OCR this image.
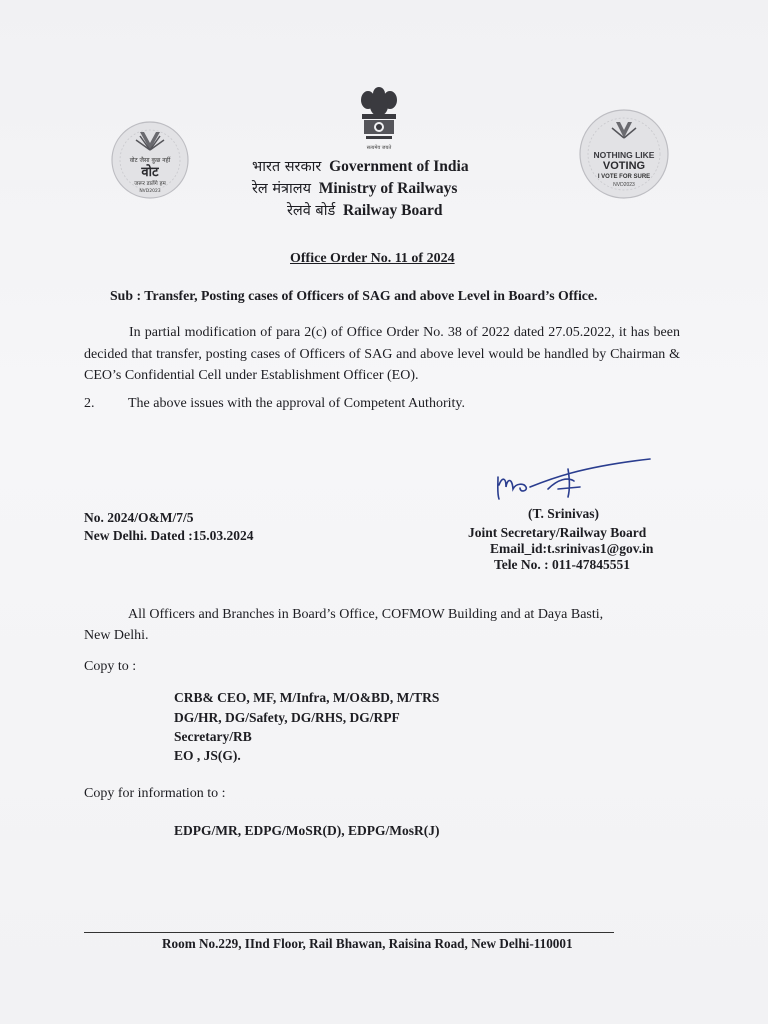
सत्यमेव जयते
वोट जैसा कुछ नहीं
वोट
जरूर डालेंगे हम
NVD2023
NOTHING LIKE
VOTING
I VOTE FOR SURE
NVD2023
भारत सरकार Government of India
रेल मंत्रालय Ministry of Railways
रेलवे बोर्ड Railway Board
Office Order No. 11 of 2024
Sub : Transfer, Posting cases of Officers of SAG and above Level in Board’s Office.
In partial modification of para 2(c) of Office Order No. 38 of 2022 dated 27.05.2022, it has been decided that transfer, posting cases of Officers of SAG and above level would be handled by Chairman & CEO’s Confidential Cell under Establishment Officer (EO).
2. The above issues with the approval of Competent Authority.
No. 2024/O&M/7/5
New Delhi. Dated :15.03.2024
(T. Srinivas)
Joint Secretary/Railway Board
Email_id:t.srinivas1@gov.in
Tele No. : 011-47845551
All Officers and Branches in Board’s Office, COFMOW Building and at Daya Basti,
New Delhi.
Copy to :
CRB& CEO, MF, M/Infra, M/O&BD, M/TRS
DG/HR, DG/Safety, DG/RHS, DG/RPF
Secretary/RB
EO , JS(G).
Copy for information to :
EDPG/MR, EDPG/MoSR(D), EDPG/MosR(J)
Room No.229, IInd Floor, Rail Bhawan, Raisina Road, New Delhi-110001
